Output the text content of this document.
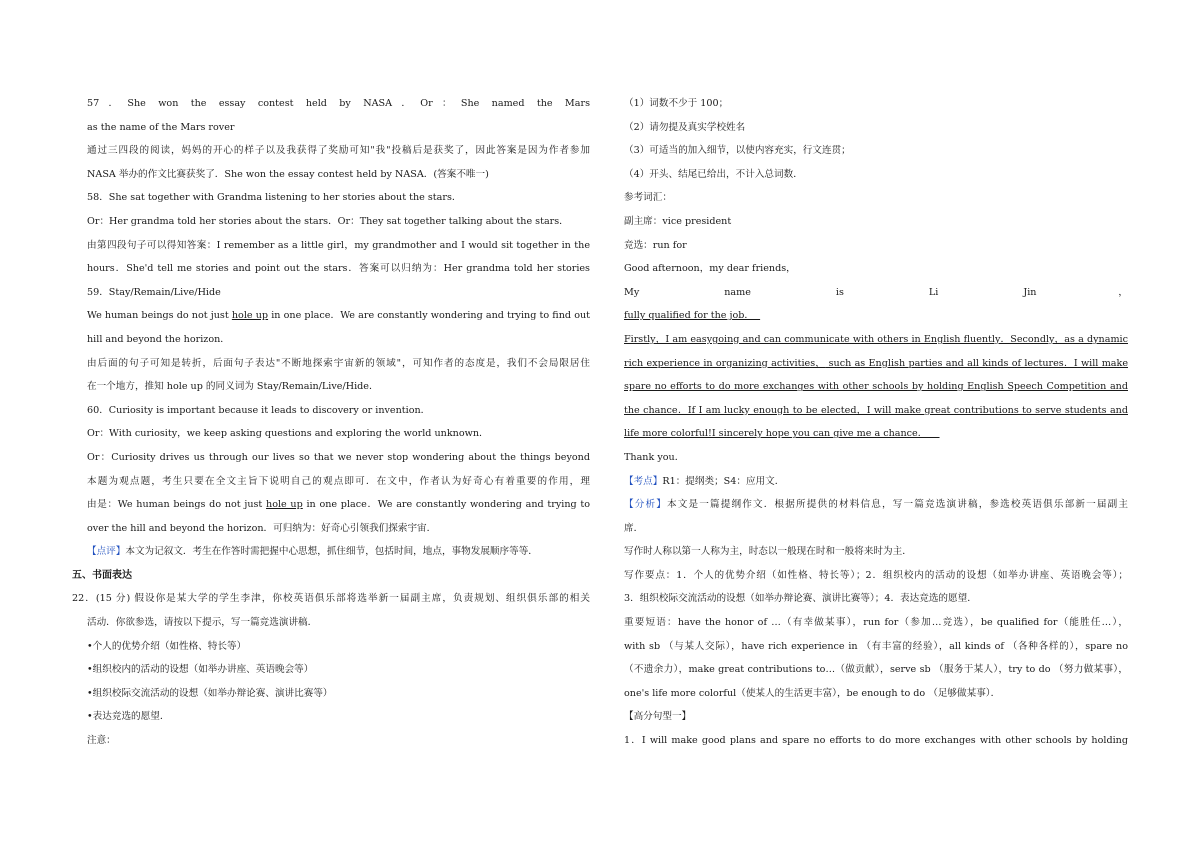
57．She won the essay contest held by NASA．Or：She named the Mars
as the name of the Mars rover
通过三四段的阅读，妈妈的开心的样子以及我获得了奖励可知"我"投稿后是获奖了，因此答案是因为作者参加
NASA 举办的作文比赛获奖了．She won the essay contest held by NASA．(答案不唯一)
58．She sat together with Grandma listening to her stories about the stars．
Or：Her grandma told her stories about the stars．Or：They sat together talking about the stars．
由第四段句子可以得知答案：I remember as a little girl，my grandmother and I would sit together in the
hours．She'd tell me stories and point out the stars．答案可以归纳为：Her grandma told her stories
59．Stay/Remain/Live/Hide
We human beings do not just hole up in one place．We are constantly wondering and trying to find out
hill and beyond the horizon．
由后面的句子可知是转折，后面句子表达"不断地探索宇宙新的领域"，可知作者的态度是，我们不会局限居住
在一个地方，推知 hole up 的同义词为 Stay/Remain/Live/Hide．
60．Curiosity is important because it leads to discovery or invention．
Or：With curiosity，we keep asking questions and exploring the world unknown．
Or：Curiosity drives us through our lives so that we never stop wondering about the things beyond
本题为观点题，考生只要在全文主旨下说明自己的观点即可．在文中，作者认为好奇心有着重要的作用，理
由是：We human beings do not just hole up in one place．We are constantly wondering and trying to
over the hill and beyond the horizon．可归纳为：好奇心引领我们探索宇宙．
【点评】本文为记叙文．考生在作答时需把握中心思想，抓住细节，包括时间，地点，事物发展顺序等等．
五、书面表达
22．(15 分) 假设你是某大学的学生李津，你校英语俱乐部将选举新一届副主席，负责规划、组织俱乐部的相关
活动．你欲参选，请按以下提示，写一篇竞选演讲稿．
•个人的优势介绍（如性格、特长等）
•组织校内的活动的设想（如举办讲座、英语晚会等）
•组织校际交流活动的设想（如举办辩论赛、演讲比赛等）
•表达竞选的愿望．
注意：
（1）词数不少于 100；
（2）请勿提及真实学校姓名
（3）可适当的加入细节，以使内容充实，行文连贯；
（4）开头、结尾已给出，不计入总词数．
参考词汇：
副主席：vice president
竞选：run for
Good afternoon，my dear friends，
My name is Li Jin，
fully qualified for the job．
Firstly，I am easygoing and can communicate with others in English fluently．Secondly，as a dynamic
rich experience in organizing activities， such as English parties and all kinds of lectures．I will make
spare no efforts to do more exchanges with other schools by holding English Speech Competition and
the chance．If I am lucky enough to be elected，I will make great contributions to serve students and
life more colorful!I sincerely hope you can give me a chance．
Thank you．
【考点】R1：提纲类；S4：应用文．
【分析】本文是一篇提纲作文．根据所提供的材料信息，写一篇竞选演讲稿，参选校英语俱乐部新一届副主
席．
写作时人称以第一人称为主，时态以一般现在时和一般将来时为主．
写作要点：1．个人的优势介绍（如性格、特长等）；2．组织校内的活动的设想（如举办讲座、英语晚会等）；
3．组织校际交流活动的设想（如举办辩论赛、演讲比赛等）；4．表达竞选的愿望．
重要短语：have the honor of …（有幸做某事），run for（参加…竞选），be qualified for（能胜任…），
with sb （与某人交际），have rich experience in （有丰富的经验），all kinds of （各种各样的），spare no
（不遗余力），make great contributions to…（做贡献），serve sb （服务于某人），try to do （努力做某事），
one's life more colorful（使某人的生活更丰富），be enough to do （足够做某事）．
【高分句型一】
1．I will make good plans and spare no efforts to do more exchanges with other schools by holding
